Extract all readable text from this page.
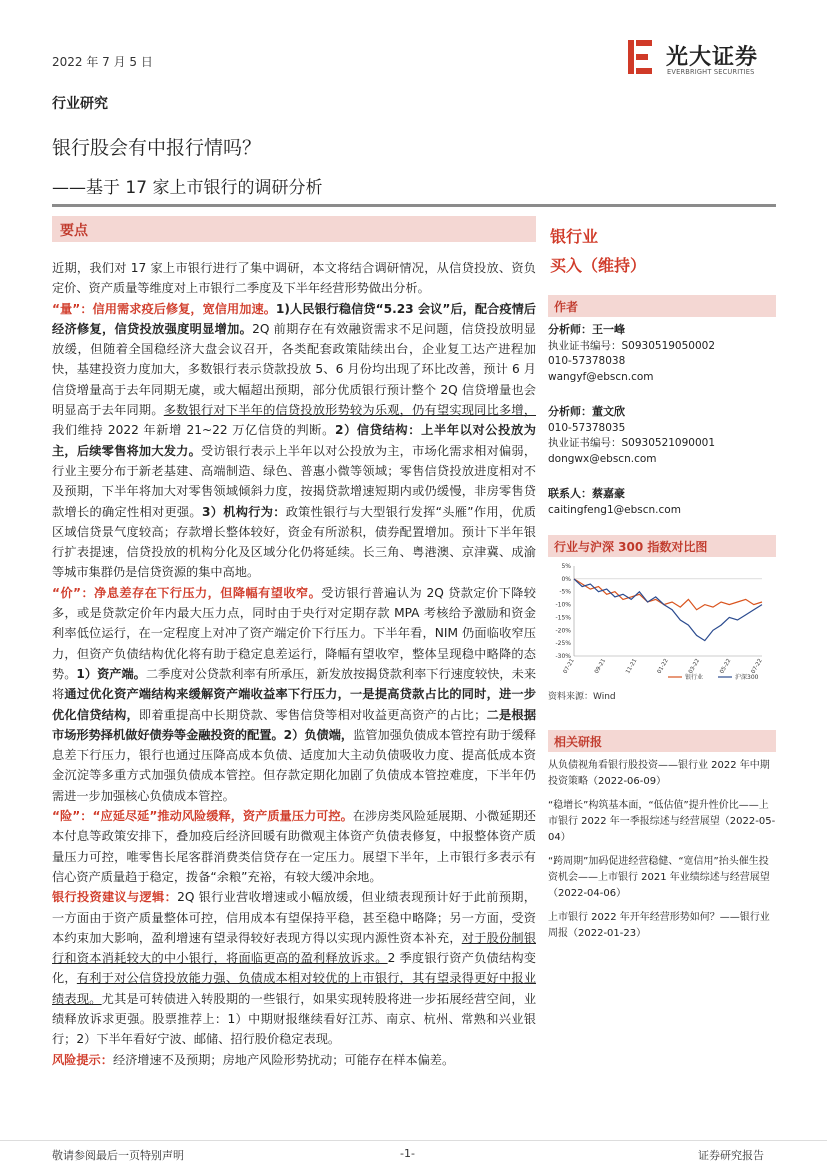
2022 年 7 月 5 日	光大证券
EVERBRIGHT SECURITIES
行业研究
银行股会有中报行情吗？
——基于 17 家上市银行的调研分析
要点

近期，我们对 17 家上市银行进行了集中调研，本文将结合调研情况，从信贷投放、资负定价、资产质量等维度对上市银行二季度及下半年经营形势做出分析。

“量”：信用需求疫后修复，宽信用加速。1)人民银行稳信贷“5.23 会议”后，配合疫情后经济修复，信贷投放强度明显增加。2Q 前期存在有效融资需求不足问题，信贷投放明显放缓，但随着全国稳经济大盘会议召开，各类配套政策陆续出台，企业复工达产进程加快，基建投资力度加大，多数银行表示贷款投放 5、6 月份均出现了环比改善，预计 6 月信贷增量高于去年同期无虞，或大幅超出预期，部分优质银行预计整个 2Q 信贷增量也会明显高于去年同期。多数银行对下半年的信贷投放形势较为乐观，仍有望实现同比多增，我们维持 2022 年新增 21~22 万亿信贷的判断。2）信贷结构：上半年以对公投放为主，后续零售将加大发力。受访银行表示上半年以对公投放为主，市场化需求相对偏弱，行业主要分布于新老基建、高端制造、绿色、普惠小微等领域；零售信贷投放进度相对不及预期，下半年将加大对零售领域倾斜力度，按揭贷款增速短期内或仍缓慢，非房零售贷款增长的确定性相对更强。3）机构行为：政策性银行与大型银行发挥“头雁”作用，优质区域信贷景气度较高；存款增长整体较好，资金有所淤积，债券配置增加。预计下半年银行扩表提速，信贷投放的机构分化及区域分化仍将延续。长三角、粤港澳、京津冀、成渝等城市集群仍是信贷资源的集中高地。

“价”：净息差存在下行压力，但降幅有望收窄。受访银行普遍认为 2Q 贷款定价下降较多，或是贷款定价年内最大压力点，同时由于央行对定期存款 MPA 考核给予激励和资金利率低位运行，在一定程度上对冲了资产端定价下行压力。下半年看，NIM 仍面临收窄压力，但资产负债结构优化将有助于稳定息差运行，降幅有望收窄，整体呈现稳中略降的态势。1）资产端。二季度对公贷款利率有所承压，新发放按揭贷款利率下行速度较快，未来将通过优化资产端结构来缓解资产端收益率下行压力，一是提高贷款占比的同时，进一步优化信贷结构，即着重提高中长期贷款、零售信贷等相对收益更高资产的占比；二是根据市场形势择机做好债券等金融投资的配置。2）负债端，监管加强负债成本管控有助于缓释息差下行压力，银行也通过压降高成本负债、适度加大主动负债吸收力度、提高低成本资金沉淀等多重方式加强负债成本管控。但存款定期化加剧了负债成本管控难度，下半年仍需进一步加强核心负债成本管控。

“险”：“应延尽延”推动风险缓释，资产质量压力可控。在涉房类风险延展期、小微延期还本付息等政策安排下，叠加疫后经济回暖有助微观主体资产负债表修复，中报整体资产质量压力可控，唯零售长尾客群消费类信贷存在一定压力。展望下半年，上市银行多表示有信心资产质量趋于稳定，拨备“余粮”充裕，有较大缓冲余地。

银行投资建议与逻辑：2Q 银行业营收增速或小幅放缓，但业绩表现预计好于此前预期，一方面由于资产质量整体可控，信用成本有望保持平稳，甚至稳中略降；另一方面，受资本约束加大影响，盈利增速有望录得较好表现方得以实现内源性资本补充，对于股份制银行和资本消耗较大的中小银行，将面临更高的盈利释放诉求。2 季度银行资产负债结构变化，有利于对公信贷投放能力强、负债成本相对较优的上市银行，其有望录得更好中报业绩表现。尤其是可转债进入转股期的一些银行，如果实现转股将进一步拓展经营空间，业绩释放诉求更强。股票推荐上：1）中期财报继续看好江苏、南京、杭州、常熟和兴业银行；2）下半年看好宁波、邮储、招行股价稳定表现。

风险提示：经济增速不及预期；房地产风险形势扰动；可能存在样本偏差。

银行业
买入（维持）
作者
分析师：王一峰
执业证书编号：S0930519050002
010-57378038
wangyf@ebscn.com
分析师：董文欣
010-57378035
执业证书编号：S0930521090001
dongwx@ebscn.com
联系人：蔡嘉豪
caitingfeng1@ebscn.com
行业与沪深 300 指数对比图
5%
0%
-5%
-10%
-15%
-20%
-25%
-30%
07-21	09-21	11-21	01-22	03-22	05-22	07-22
银行业	沪深300
资料来源：Wind
相关研报
从负债视角看银行股投资——银行业 2022 年中期投资策略（2022-06-09）
“稳增长”构筑基本面，“低估值”提升性价比——上市银行 2022 年一季报综述与经营展望（2022-05-04）
“跨周期”加码促进经营稳健、“宽信用”抬头催生投资机会——上市银行 2021 年业绩综述与经营展望（2022-04-06）
上市银行 2022 年开年经营形势如何？——银行业周报（2022-01-23）
敬请参阅最后一页特别声明	-1-	证券研究报告
